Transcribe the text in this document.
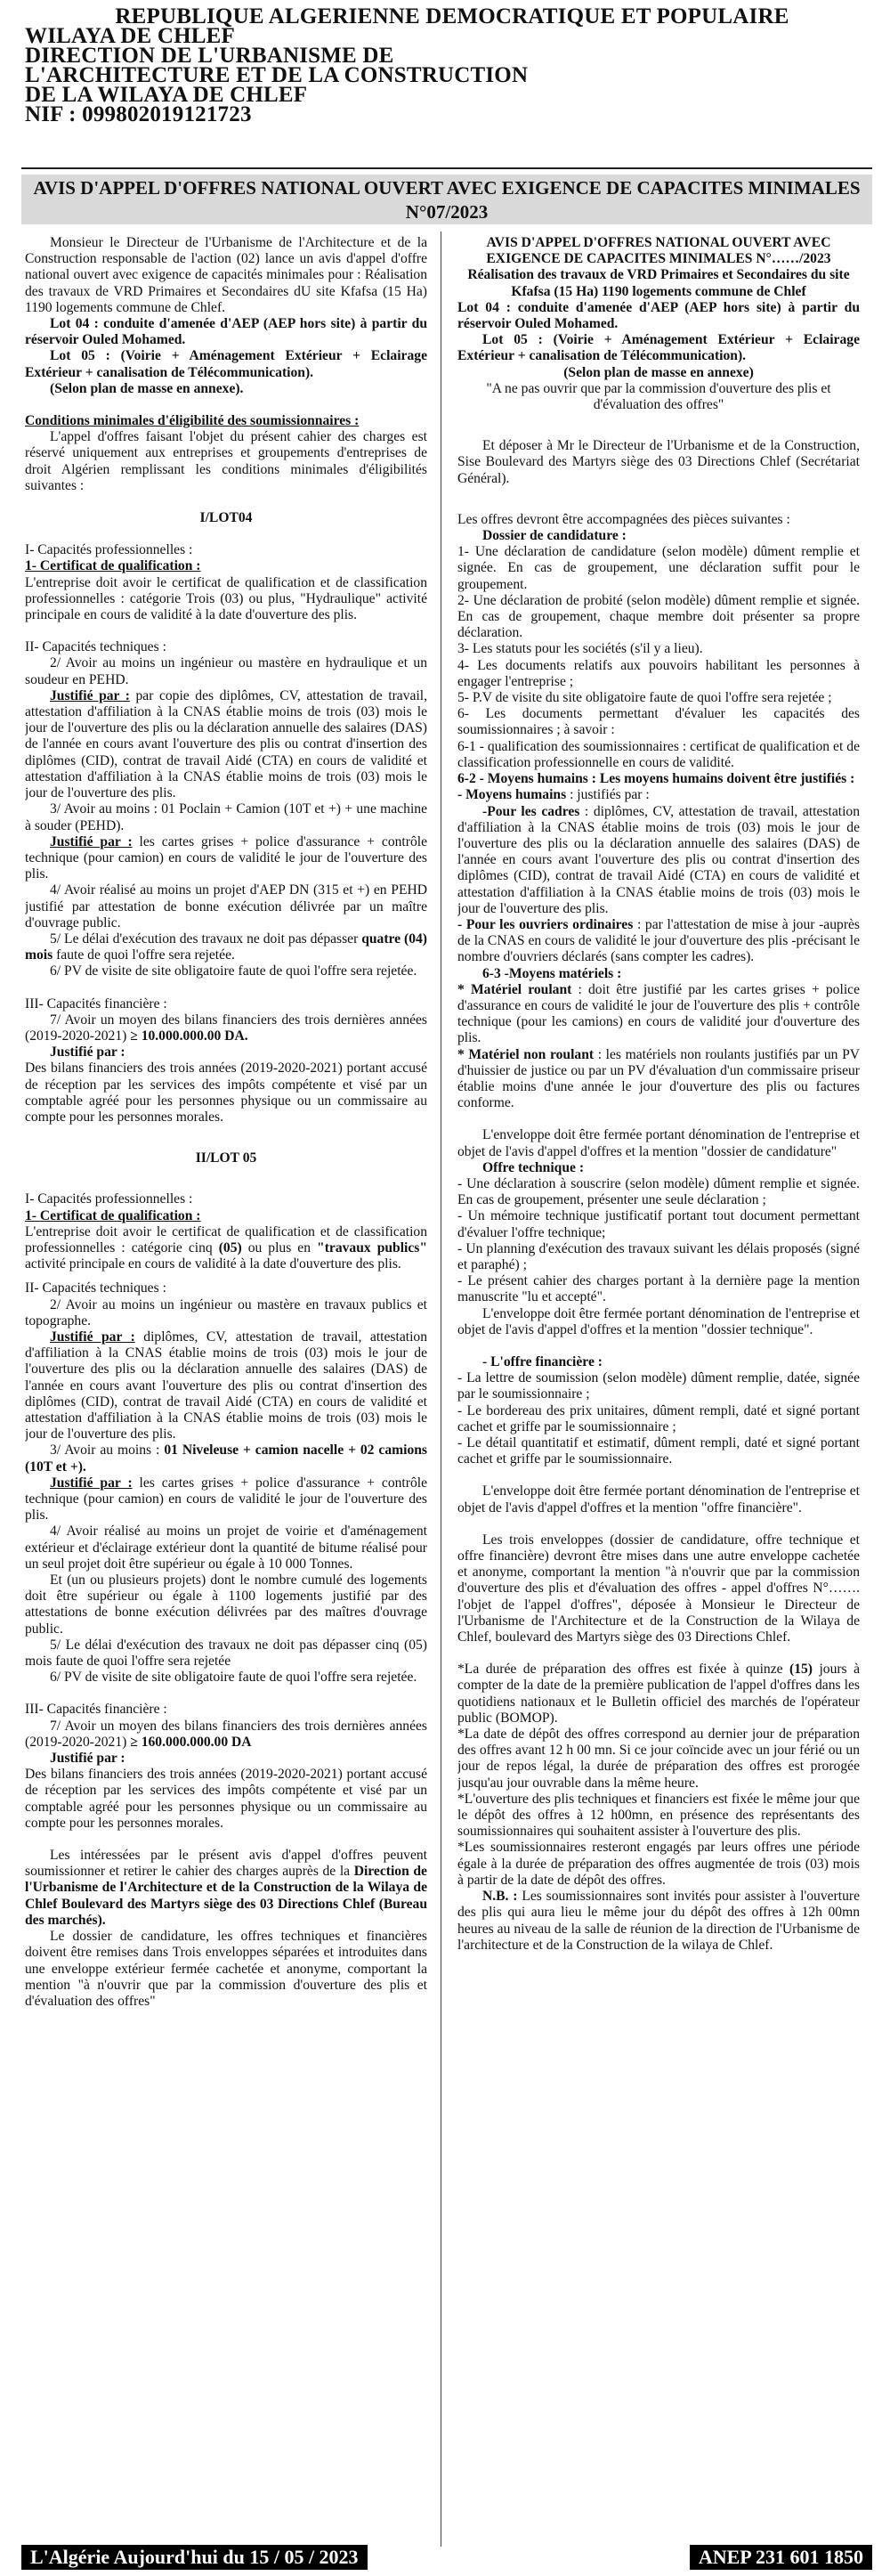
REPUBLIQUE ALGERIENNE DEMOCRATIQUE ET POPULAIRE
WILAYA DE CHLEF
DIRECTION DE L'URBANISME DE
L'ARCHITECTURE ET DE LA CONSTRUCTION
DE LA WILAYA DE CHLEF
NIF : 099802019121723
AVIS D'APPEL D'OFFRES NATIONAL OUVERT AVEC EXIGENCE DE CAPACITES MINIMALES
N°07/2023

Monsieur le Directeur de l'Urbanisme de l'Architecture et de la Construction responsable de l'action (02) lance un avis d'appel d'offre national ouvert avec exigence de capacités minimales pour : Réalisation des travaux de VRD Primaires et Secondaires dU site Kfafsa (15 Ha) 1190 logements commune de Chlef.

Lot 04 : conduite d'amenée d'AEP (AEP hors site) à partir du réservoir Ouled Mohamed.

Lot 05 : (Voirie + Aménagement Extérieur + Eclairage Extérieur + canalisation de Télécommunication).

(Selon plan de masse en annexe).

Conditions minimales d'éligibilité des soumissionnaires :

L'appel d'offres faisant l'objet du présent cahier des charges est réservé uniquement aux entreprises et groupements d'entreprises de droit Algérien remplissant les conditions minimales d'éligibilités suivantes :

I/LOT04

I- Capacités professionnelles :

1- Certificat de qualification :

L'entreprise doit avoir le certificat de qualification et de classification professionnelles : catégorie Trois (03) ou plus, "Hydraulique" activité principale en cours de validité à la date d'ouverture des plis.

II- Capacités techniques :

2/ Avoir au moins un ingénieur ou mastère en hydraulique et un soudeur en PEHD.

Justifié par : par copie des diplômes, CV, attestation de travail, attestation d'affiliation à la CNAS établie moins de trois (03) mois le jour de l'ouverture des plis ou la déclaration annuelle des salaires (DAS) de l'année en cours avant l'ouverture des plis ou contrat d'insertion des diplômes (CID), contrat de travail Aidé (CTA) en cours de validité et attestation d'affiliation à la CNAS établie moins de trois (03) mois le jour de l'ouverture des plis.

3/ Avoir au moins : 01 Poclain + Camion (10T et +) + une machine à souder (PEHD).

Justifié par : les cartes grises + police d'assurance + contrôle technique (pour camion) en cours de validité le jour de l'ouverture des plis.

4/ Avoir réalisé au moins un projet d'AEP DN (315 et +) en PEHD justifié par attestation de bonne exécution délivrée par un maître d'ouvrage public.

5/ Le délai d'exécution des travaux ne doit pas dépasser quatre (04) mois faute de quoi l'offre sera rejetée.

6/ PV de visite de site obligatoire faute de quoi l'offre sera rejetée.

III- Capacités financière :

7/ Avoir un moyen des bilans financiers des trois dernières années (2019-2020-2021) ≥ 10.000.000.00 DA.

Justifié par :

Des bilans financiers des trois années (2019-2020-2021) portant accusé de réception par les services des impôts compétente et visé par un comptable agréé pour les personnes physique ou un commissaire au compte pour les personnes morales.

II/LOT 05

I- Capacités professionnelles :

1- Certificat de qualification :

L'entreprise doit avoir le certificat de qualification et de classification professionnelles : catégorie cinq (05) ou plus en "travaux publics" activité principale en cours de validité à la date d'ouverture des plis.

II- Capacités techniques :

2/ Avoir au moins un ingénieur ou mastère en travaux publics et topographe.

Justifié par : diplômes, CV, attestation de travail, attestation d'affiliation à la CNAS établie moins de trois (03) mois le jour de l'ouverture des plis ou la déclaration annuelle des salaires (DAS) de l'année en cours avant l'ouverture des plis ou contrat d'insertion des diplômes (CID), contrat de travail Aidé (CTA) en cours de validité et attestation d'affiliation à la CNAS établie moins de trois (03) mois le jour de l'ouverture des plis.

3/ Avoir au moins : 01 Niveleuse + camion nacelle + 02 camions (10T et +).

Justifié par : les cartes grises + police d'assurance + contrôle technique (pour camion) en cours de validité le jour de l'ouverture des plis.

4/ Avoir réalisé au moins un projet de voirie et d'aménagement extérieur et d'éclairage extérieur dont la quantité de bitume réalisé pour un seul projet doit être supérieur ou égale à 10 000 Tonnes.

Et (un ou plusieurs projets) dont le nombre cumulé des logements doit être supérieur ou égale à 1100 logements justifié par des attestations de bonne exécution délivrées par des maîtres d'ouvrage public.

5/ Le délai d'exécution des travaux ne doit pas dépasser cinq (05) mois faute de quoi l'offre sera rejetée

6/ PV de visite de site obligatoire faute de quoi l'offre sera rejetée.

III- Capacités financière :

7/ Avoir un moyen des bilans financiers des trois dernières années (2019-2020-2021) ≥ 160.000.000.00 DA

Justifié par :

Des bilans financiers des trois années (2019-2020-2021) portant accusé de réception par les services des impôts compétente et visé par un comptable agréé pour les personnes physique ou un commissaire au compte pour les personnes morales.

Les intéressées par le présent avis d'appel d'offres peuvent soumissionner et retirer le cahier des charges auprès de la Direction de l'Urbanisme de l'Architecture et de la Construction de la Wilaya de Chlef Boulevard des Martyrs siège des 03 Directions Chlef (Bureau des marchés).

Le dossier de candidature, les offres techniques et financières doivent être remises dans Trois enveloppes séparées et introduites dans une enveloppe extérieur fermée cachetée et anonyme, comportant la mention "à n'ouvrir que par la commission d'ouverture des plis et d'évaluation des offres"

AVIS D'APPEL D'OFFRES NATIONAL OUVERT AVEC EXIGENCE DE CAPACITES MINIMALES N°……/2023

Réalisation des travaux de VRD Primaires et Secondaires du site Kfafsa (15 Ha) 1190 logements commune de Chlef

Lot 04 : conduite d'amenée d'AEP (AEP hors site) à partir du réservoir Ouled Mohamed.

Lot 05 : (Voirie + Aménagement Extérieur + Eclairage Extérieur + canalisation de Télécommunication).

(Selon plan de masse en annexe)

"A ne pas ouvrir que par la commission d'ouverture des plis et d'évaluation des offres"

Et déposer à Mr le Directeur de l'Urbanisme et de la Construction, Sise Boulevard des Martyrs siège des 03 Directions Chlef (Secrétariat Général).

Les offres devront être accompagnées des pièces suivantes :

Dossier de candidature :

1- Une déclaration de candidature (selon modèle) dûment remplie et signée. En cas de groupement, une déclaration suffit pour le groupement.

2- Une déclaration de probité (selon modèle) dûment remplie et signée. En cas de groupement, chaque membre doit présenter sa propre déclaration.

3- Les statuts pour les sociétés (s'il y a lieu).

4- Les documents relatifs aux pouvoirs habilitant les personnes à engager l'entreprise ;

5- P.V de visite du site obligatoire faute de quoi l'offre sera rejetée ;

6- Les documents permettant d'évaluer les capacités des soumissionnaires ; à savoir :

6-1 - qualification des soumissionnaires : certificat de qualification et de classification professionnelle en cours de validité.

6-2 - Moyens humains : Les moyens humains doivent être justifiés :

- Moyens humains : justifiés par :

-Pour les cadres : diplômes, CV, attestation de travail, attestation d'affiliation à la CNAS établie moins de trois (03) mois le jour de l'ouverture des plis ou la déclaration annuelle des salaires (DAS) de l'année en cours avant l'ouverture des plis ou contrat d'insertion des diplômes (CID), contrat de travail Aidé (CTA) en cours de validité et attestation d'affiliation à la CNAS établie moins de trois (03) mois le jour de l'ouverture des plis.

- Pour les ouvriers ordinaires : par l'attestation de mise à jour -auprès de la CNAS en cours de validité le jour d'ouverture des plis -précisant le nombre d'ouvriers déclarés (sans compter les cadres).

6-3 -Moyens matériels :

* Matériel roulant : doit être justifié par les cartes grises + police d'assurance en cours de validité le jour de l'ouverture des plis + contrôle technique (pour les camions) en cours de validité jour d'ouverture des plis.

* Matériel non roulant : les matériels non roulants justifiés par un PV d'huissier de justice ou par un PV d'évaluation d'un commissaire priseur établie moins d'une année le jour d'ouverture des plis ou factures conforme.

L'enveloppe doit être fermée portant dénomination de l'entreprise et objet de l'avis d'appel d'offres et la mention "dossier de candidature"

Offre technique :

- Une déclaration à souscrire (selon modèle) dûment remplie et signée. En cas de groupement, présenter une seule déclaration ;

- Un mémoire technique justificatif portant tout document permettant d'évaluer l'offre technique;

- Un planning d'exécution des travaux suivant les délais proposés (signé et paraphé) ;

- Le présent cahier des charges portant à la dernière page la mention manuscrite "lu et accepté".

L'enveloppe doit être fermée portant dénomination de l'entreprise et objet de l'avis d'appel d'offres et la mention "dossier technique".

- L'offre financière :

- La lettre de soumission (selon modèle) dûment remplie, datée, signée par le soumissionnaire ;

- Le bordereau des prix unitaires, dûment rempli, daté et signé portant cachet et griffe par le soumissionnaire ;

- Le détail quantitatif et estimatif, dûment rempli, daté et signé portant cachet et griffe par le soumissionnaire.

L'enveloppe doit être fermée portant dénomination de l'entreprise et objet de l'avis d'appel d'offres et la mention "offre financière".

Les trois enveloppes (dossier de candidature, offre technique et offre financière) devront être mises dans une autre enveloppe cachetée et anonyme, comportant la mention "à n'ouvrir que par la commission d'ouverture des plis et d'évaluation des offres - appel d'offres N°……. l'objet de l'appel d'offres", déposée à Monsieur le Directeur de l'Urbanisme de l'Architecture et de la Construction de la Wilaya de Chlef, boulevard des Martyrs siège des 03 Directions Chlef.

*La durée de préparation des offres est fixée à quinze (15) jours à compter de la date de la première publication de l'appel d'offres dans les quotidiens nationaux et le Bulletin officiel des marchés de l'opérateur public (BOMOP).

*La date de dépôt des offres correspond au dernier jour de préparation des offres avant 12 h 00 mn. Si ce jour coïncide avec un jour férié ou un jour de repos légal, la durée de préparation des offres est prorogée jusqu'au jour ouvrable dans la même heure.

*L'ouverture des plis techniques et financiers est fixée le même jour que le dépôt des offres à 12 h00mn, en présence des représentants des soumissionnaires qui souhaitent assister à l'ouverture des plis.

*Les soumissionnaires resteront engagés par leurs offres une période égale à la durée de préparation des offres augmentée de trois (03) mois à partir de la date de dépôt des offres.

N.B. : Les soumissionnaires sont invités pour assister à l'ouverture des plis qui aura lieu le même jour du dépôt des offres à 12h 00mn heures au niveau de la salle de réunion de la direction de l'Urbanisme de l'architecture et de la Construction de la wilaya de Chlef.

L'Algérie Aujourd'hui du 15 / 05 / 2023	ANEP 231 601 1850
